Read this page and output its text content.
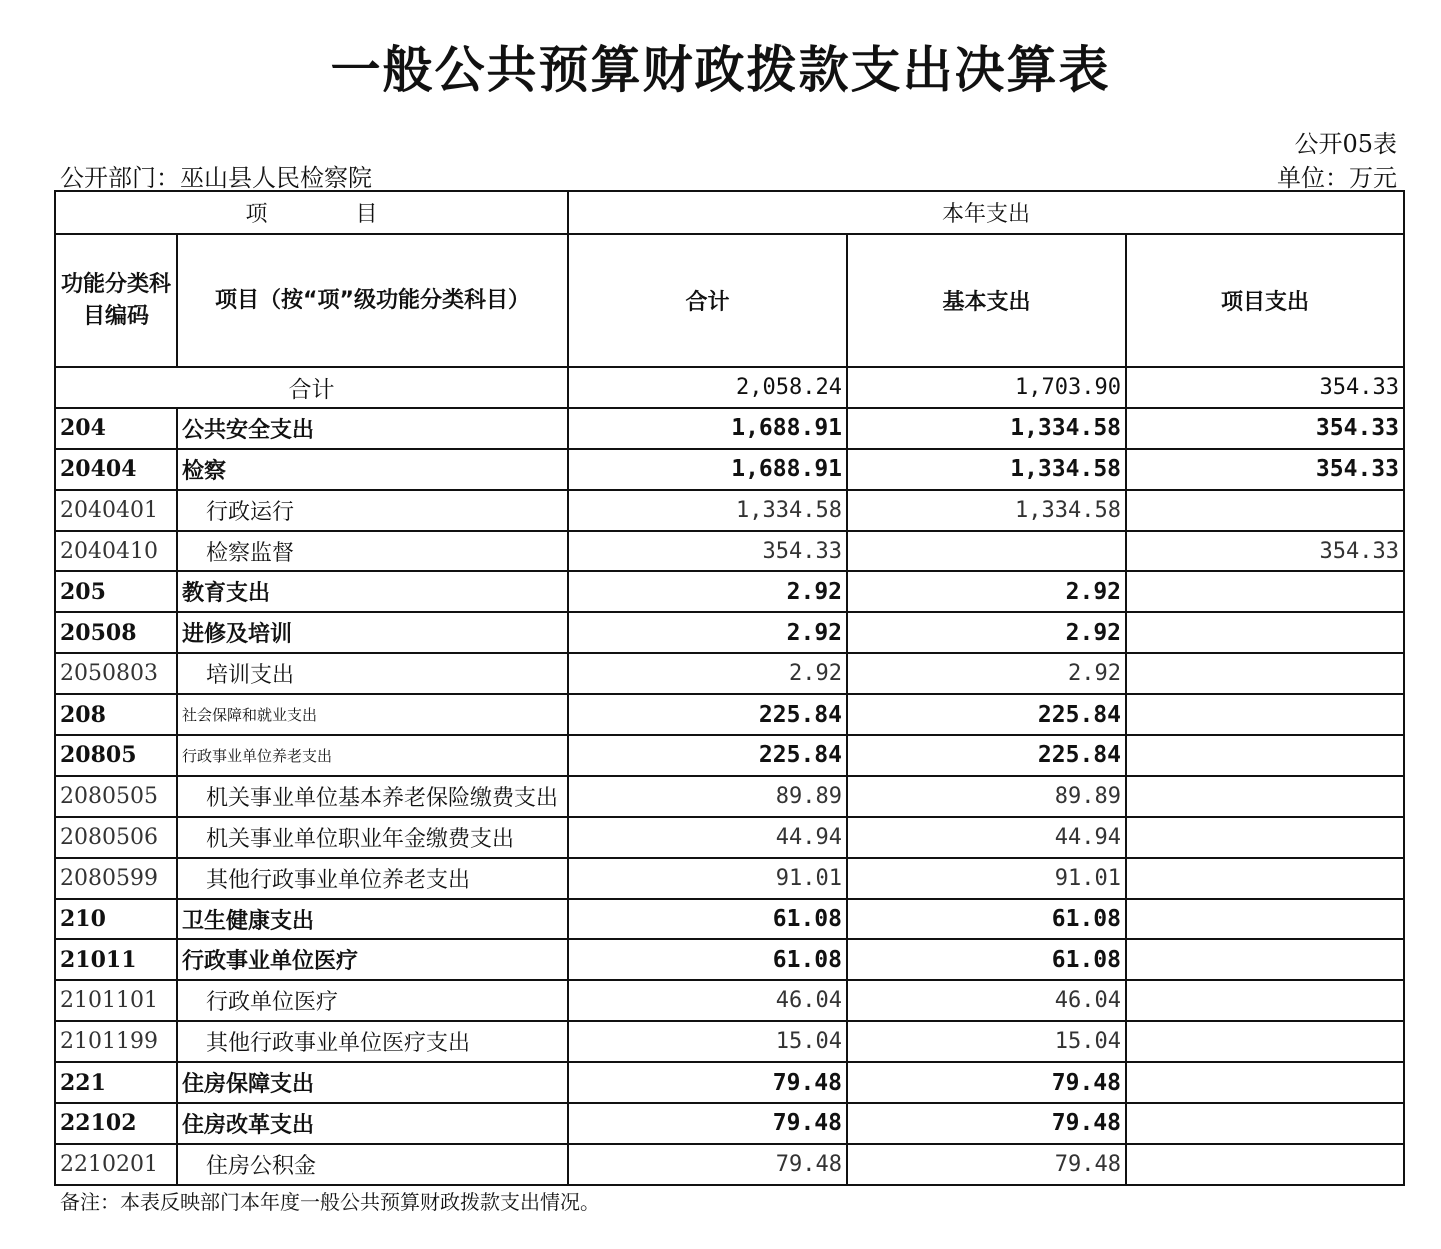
一般公共预算财政拨款支出决算表
公开05表
公开部门：巫山县人民检察院	单位：万元
项　　　　目		本年支出		

功能分类科目编码	项目（按“项”级功能分类科目）	合计	基本支出	项目支出
合计		2,058.24	1,703.90	354.33
204	公共安全支出	1,688.91	1,334.58	354.33
20404	检察	1,688.91	1,334.58	354.33
2040401	行政运行	1,334.58	1,334.58	
2040410	检察监督	354.33		354.33
205	教育支出	2.92	2.92	
20508	进修及培训	2.92	2.92	
2050803	培训支出	2.92	2.92	
208	社会保障和就业支出	225.84	225.84	
20805	行政事业单位养老支出	225.84	225.84	
2080505	机关事业单位基本养老保险缴费支出	89.89	89.89	
2080506	机关事业单位职业年金缴费支出	44.94	44.94	
2080599	其他行政事业单位养老支出	91.01	91.01	
210	卫生健康支出	61.08	61.08	
21011	行政事业单位医疗	61.08	61.08	
2101101	行政单位医疗	46.04	46.04	
2101199	其他行政事业单位医疗支出	15.04	15.04	
221	住房保障支出	79.48	79.48	
22102	住房改革支出	79.48	79.48	
2210201	住房公积金	79.48	79.48	
备注：本表反映部门本年度一般公共预算财政拨款支出情况。
